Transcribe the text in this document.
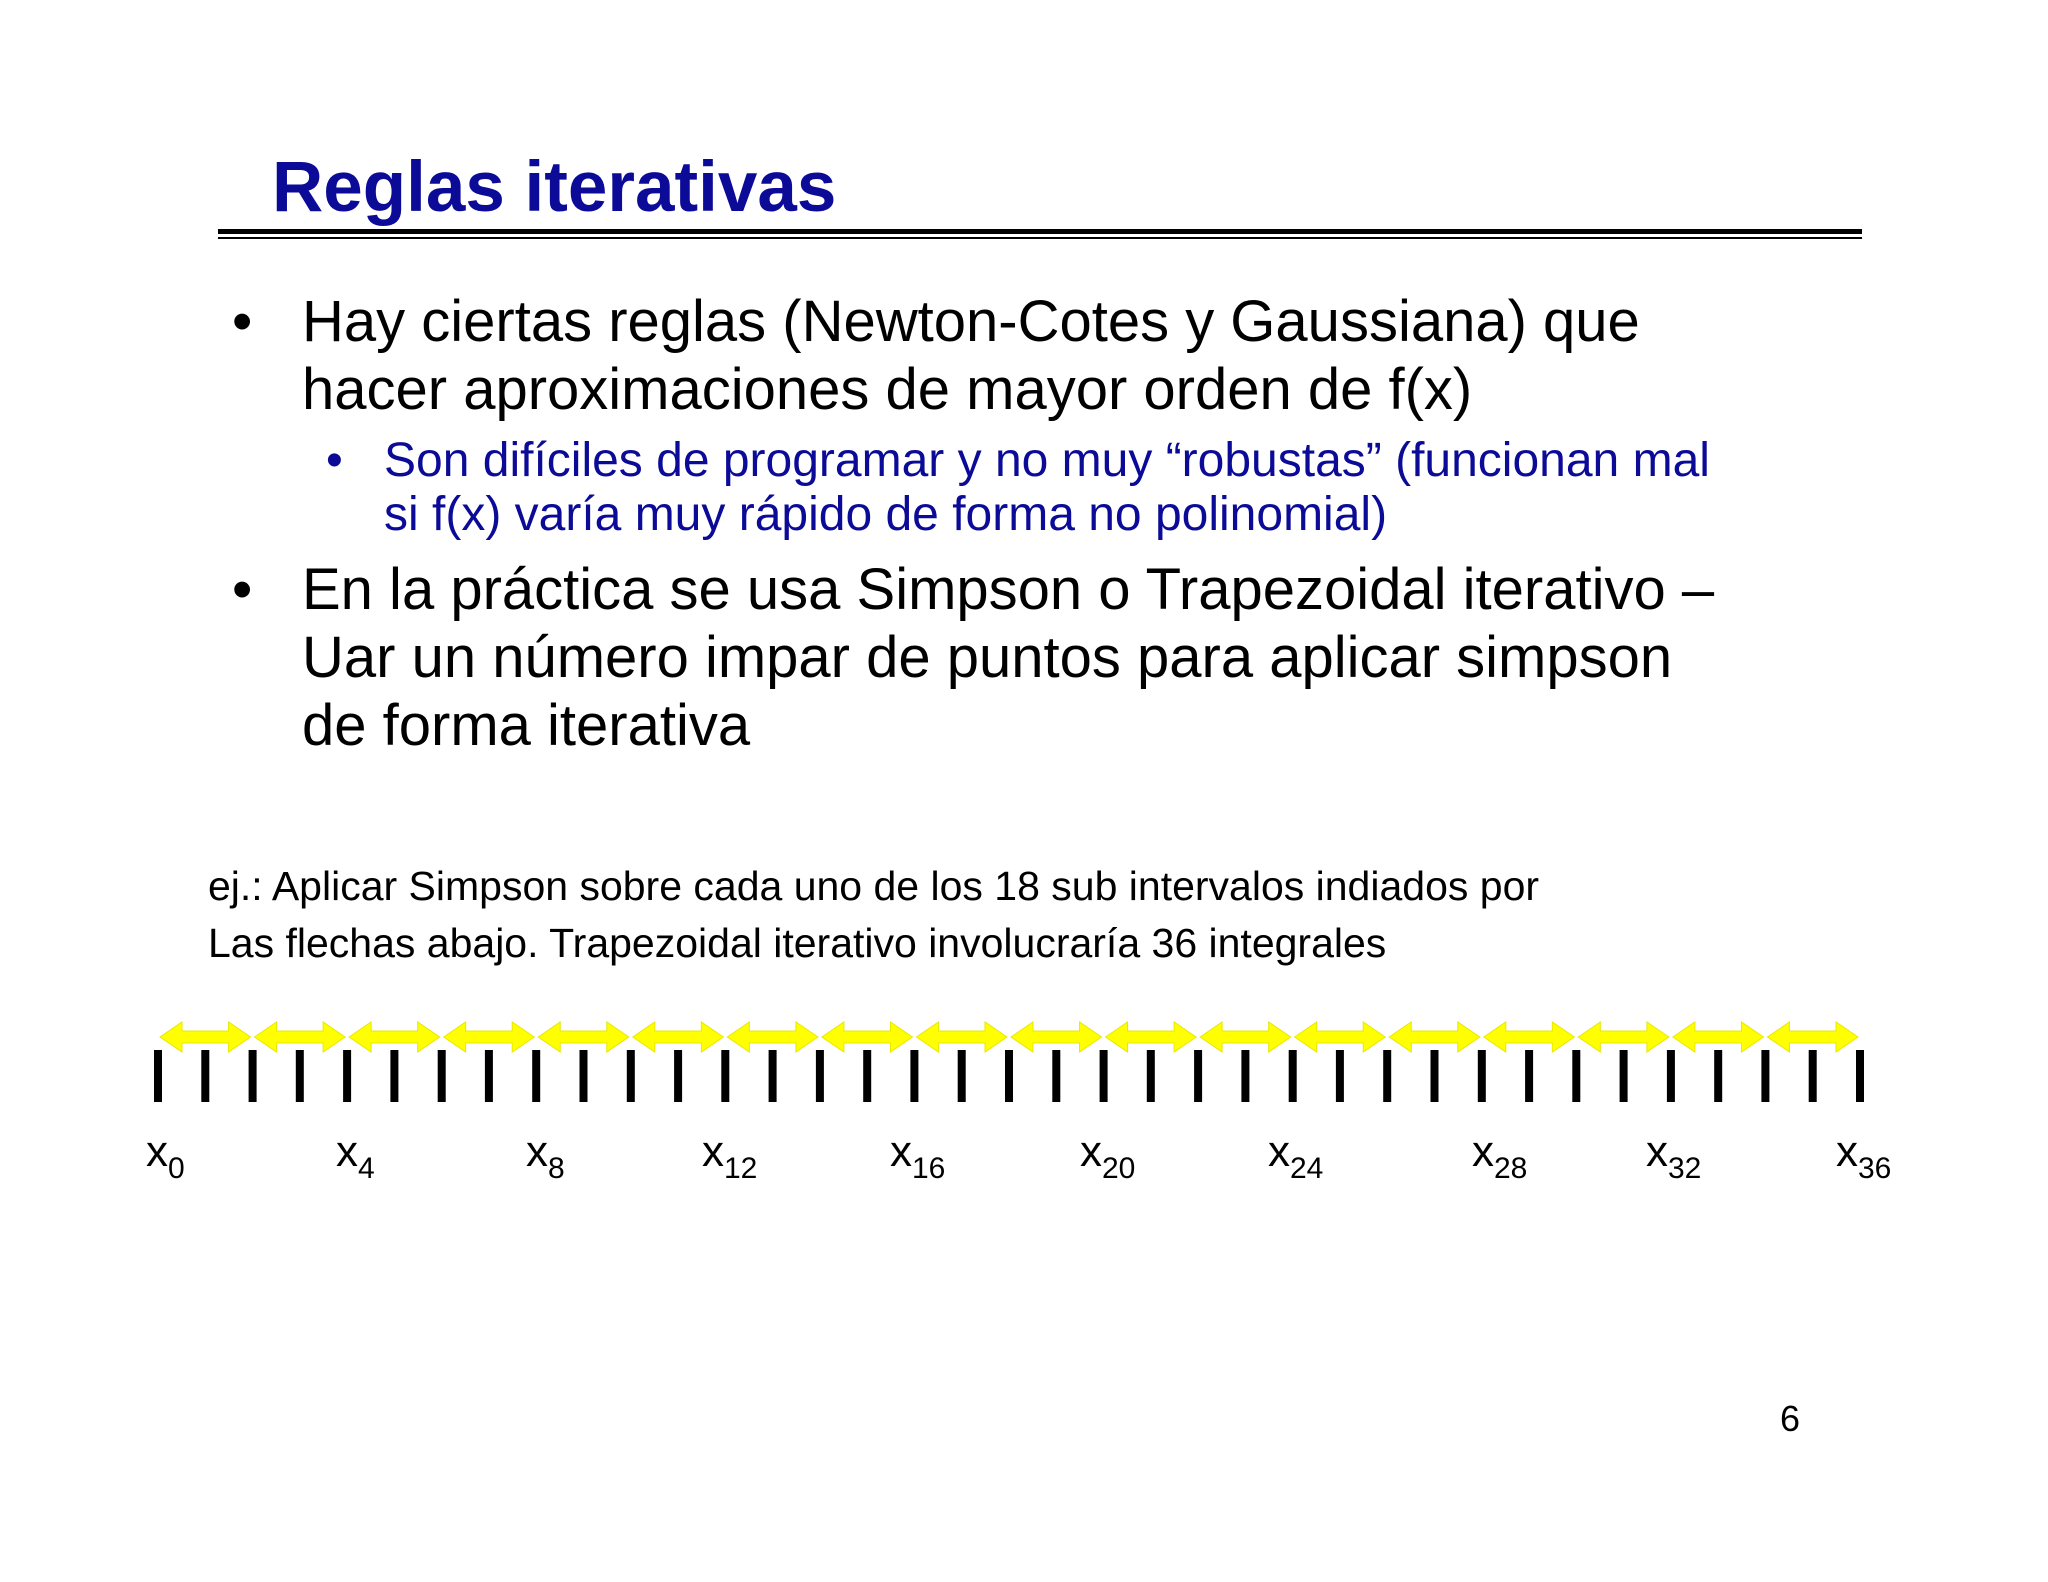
Reglas iterativas
• Hay ciertas reglas (Newton-Cotes y Gaussiana) que
hacer aproximaciones de mayor orden de f(x)
• Son difíciles de programar y no muy “robustas” (funcionan mal
si f(x) varía muy rápido de forma no polinomial)
• En la práctica se usa Simpson o Trapezoidal iterativo –
Uar un número impar de puntos para aplicar simpson
de forma iterativa
ej.: Aplicar Simpson sobre cada uno de los 18 sub intervalos indiados por
Las flechas abajo. Trapezoidal iterativo involucraría 36 integrales
$x_0$	$x_4$	$x_8$	$x_{12}$	$x_{16}$	$x_{20}$	$x_{24}$	$x_{28}$	$x_{32}$	$x_{36}$
6
